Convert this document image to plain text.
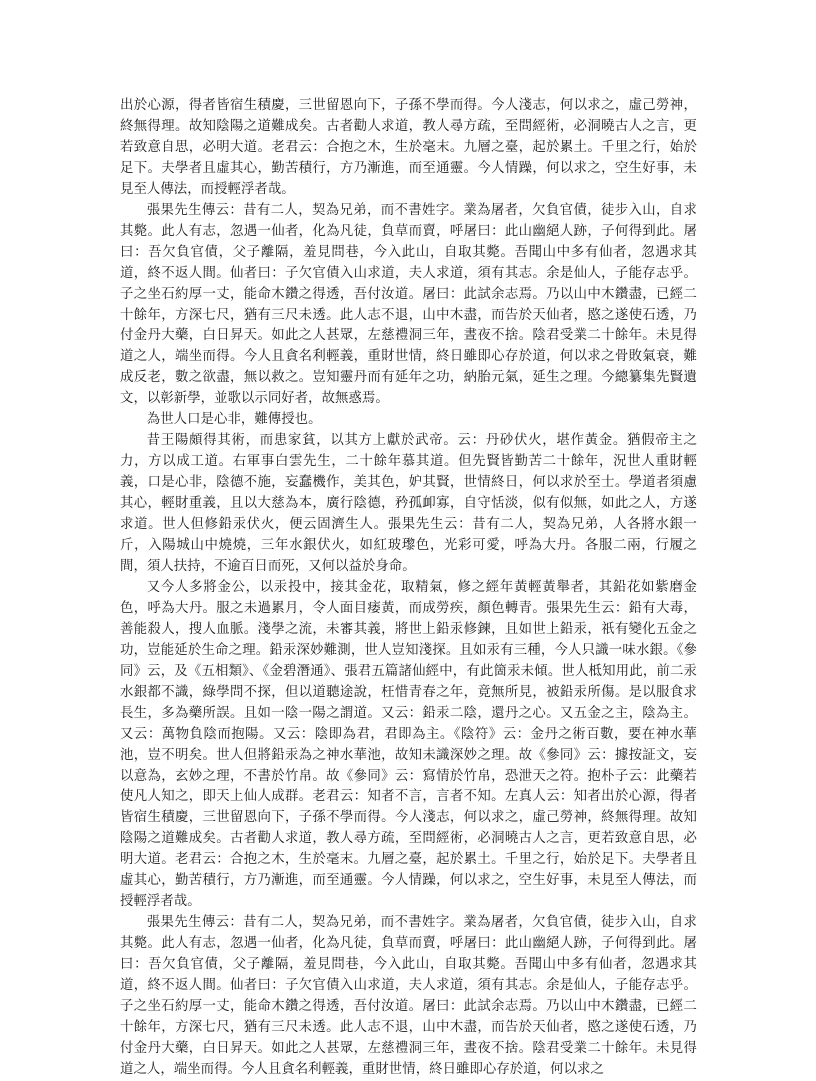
出於心源，得者皆宿生積慶，三世留恩向下，子孫不學而得。今人淺志，何以求之，虛己勞神，終無得理。故知陰陽之道難成矣。古者勸人求道，教人尋方疏，至問經術，必洞曉古人之言，更若致意自思，必明大道。老君云：合抱之木，生於毫末。九層之臺，起於累土。千里之行，始於足下。夫學者且虛其心，勤苦積行，方乃漸進，而至通靈。今人情躁，何以求之，空生好事，未見至人傳法，而授輕浮者哉。

張果先生傳云：昔有二人，契為兄弟，而不書姓字。業為屠者，欠負官債，徒步入山，自求其斃。此人有志，忽遇一仙者，化為凡徒，負草而賣，呼屠曰：此山幽絕人跡，子何得到此。屠曰：吾欠負官債，父子離隔，羞見問巷，今入此山，自取其斃。吾聞山中多有仙者，忽遇求其道，終不返人間。仙者曰：子欠官債入山求道，夫人求道，須有其志。余是仙人，子能存志乎。子之坐石約厚一丈，能命木鑽之得透，吾付汝道。屠曰：此試余志焉。乃以山中木鑽盡，已經二十餘年，方深七尺，猶有三尺未透。此人志不退，山中木盡，而告於天仙者，愍之遂使石透，乃付金丹大藥，白日昇天。如此之人甚眾，左慈禮洞三年，晝夜不捨。陰君受業二十餘年。未見得道之人，端坐而得。今人且貪名利輕義，重財世情，終日雖即心存於道，何以求之骨敗氣衰，難成反老，數之欲盡，無以救之。豈知靈丹而有延年之功，納胎元氣，延生之理。今總纂集先賢遺文，以彰新學，並歌以示同好者，故無惑焉。

為世人口是心非，難傳授也。

昔王陽頗得其術，而患家貧，以其方上獻於武帝。云：丹砂伏火，堪作黃金。猶假帝主之力，方以成工道。右軍事白雲先生，二十餘年慕其道。但先賢皆勤苦二十餘年，況世人重財輕義，口是心非，陰德不施，妄蠢機作，美其色，妒其賢，世情終日，何以求於至士。學道者須慮其心，輕財重義，且以大慈為本，廣行陰德，矜孤卹寡，自守恬淡，似有似無，如此之人，方遂求道。世人但修鉛汞伏火，便云固濟生人。張果先生云：昔有二人，契為兄弟，人各將水銀一斤，入陽城山中燒燒，三年水銀伏火，如紅玻瓈色，光彩可愛，呼為大丹。各服二兩，行履之間，須人扶持，不逾百日而死，又何以益於身命。

又今人多將金公，以汞投中，接其金花，取精氣，修之經年黃輕黃舉者，其鉛花如紫磨金色，呼為大丹。服之未過累月，令人面目痿黃，而成勞疾，顏色轉青。張果先生云：鉛有大毒，善能殺人，搜人血脈。淺學之流，未審其義，將世上鉛汞修鍊，且如世上鉛汞，祇有變化五金之功，豈能延於生命之理。鉛汞深妙難測，世人豈知淺探。且如汞有三種，今人只識一味水銀。《參同》云，及《五相類》、《金碧潛通》、張君五篇諸仙經中，有此箇汞未傾。世人柢知用此，前二汞水銀都不識，綠學問不探，但以道聽途說，枉惜青春之年，竟無所見，被鉛汞所傷。是以服食求長生，多為藥所誤。且如一陰一陽之謂道。又云：鉛汞二陰，還丹之心。又五金之主，陰為主。又云：萬物負陰而抱陽。又云：陰即為君，君即為主。《陰符》云：金丹之術百數，要在神水華池，豈不明矣。世人但將鉛汞為之神水華池，故知未識深妙之理。故《參同》云：據按証文，妄以意為，玄妙之理，不書於竹帛。故《參同》云：寫情於竹帛，恐泄天之符。抱朴子云：此藥若使凡人知之，即天上仙人成群。老君云：知者不言，言者不知。左真人云：知者出於心源，得者皆宿生積慶，三世留恩向下，子孫不學而得。今人淺志，何以求之，虛己勞神，終無得理。故知陰陽之道難成矣。古者勸人求道，教人尋方疏，至問經術，必洞曉古人之言，更若致意自思，必明大道。老君云：合抱之木，生於毫末。九層之臺，起於累土。千里之行，始於足下。夫學者且虛其心，勤苦積行，方乃漸進，而至通靈。今人情躁，何以求之，空生好事，未見至人傳法，而授輕浮者哉。

張果先生傳云：昔有二人，契為兄弟，而不書姓字。業為屠者，欠負官債，徒步入山，自求其斃。此人有志，忽遇一仙者，化為凡徒，負草而賣，呼屠曰：此山幽絕人跡，子何得到此。屠曰：吾欠負官債，父子離隔，羞見問巷，今入此山，自取其斃。吾聞山中多有仙者，忽遇求其道，終不返人間。仙者曰：子欠官債入山求道，夫人求道，須有其志。余是仙人，子能存志乎。子之坐石約厚一丈，能命木鑽之得透，吾付汝道。屠曰：此試余志焉。乃以山中木鑽盡，已經二十餘年，方深七尺，猶有三尺未透。此人志不退，山中木盡，而告於天仙者，愍之遂使石透，乃付金丹大藥，白日昇天。如此之人甚眾，左慈禮洞三年，晝夜不捨。陰君受業二十餘年。未見得道之人，端坐而得。今人且貪名利輕義，重財世情，終日雖即心存於道，何以求之
